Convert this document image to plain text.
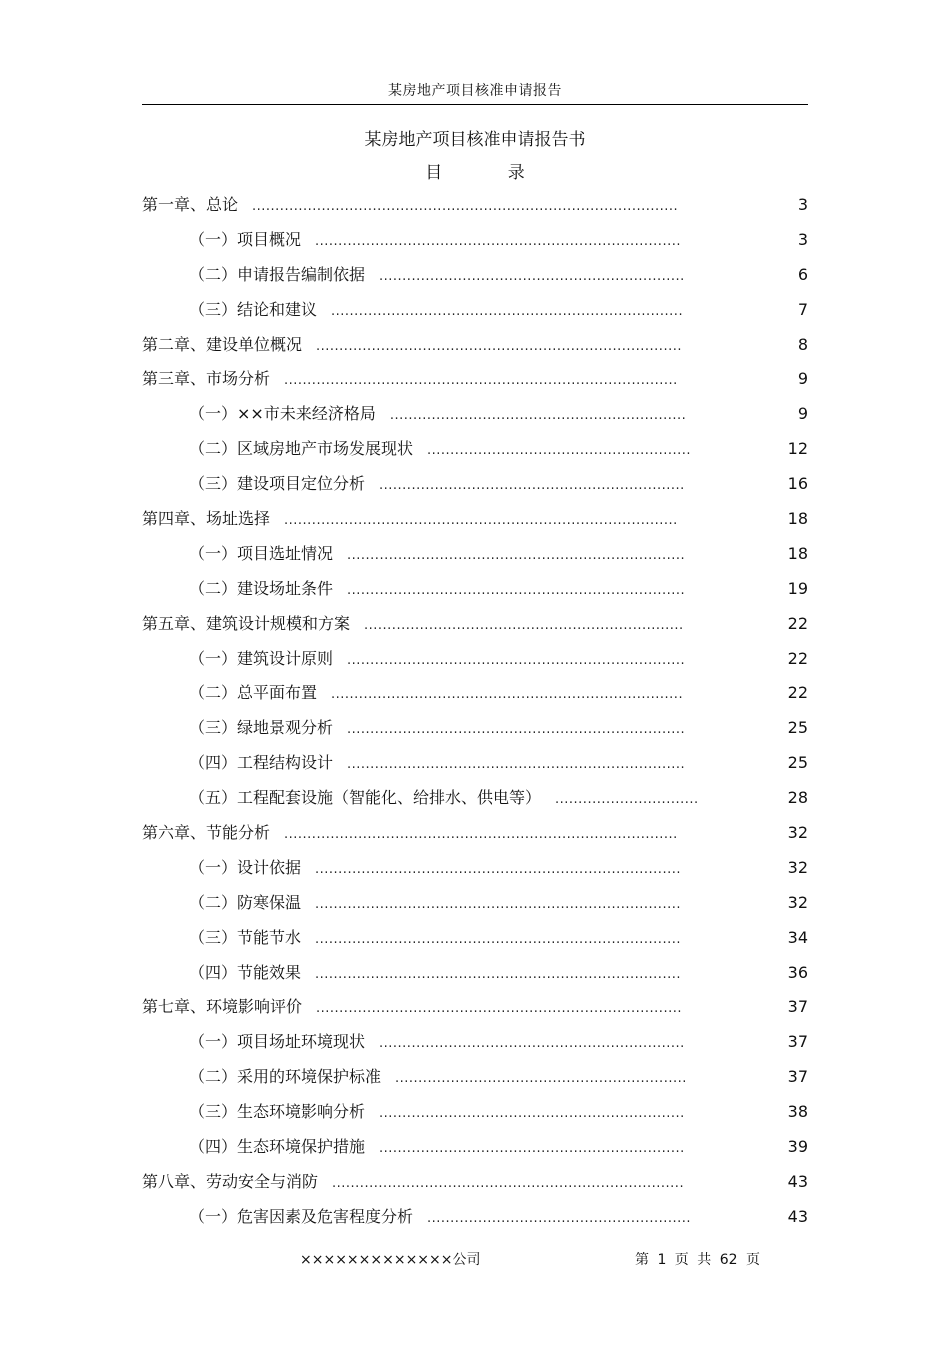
某房地产项目核准申请报告
某房地产项目核准申请报告书
目 录
第一章、总论 ............................................................................................	3
（一）项目概况 ...............................................................................	3
（二）申请报告编制依据 ..................................................................	6
（三）结论和建议 ............................................................................	7
第二章、建设单位概况 ...............................................................................	8
第三章、市场分析 .....................................................................................	9
（一）××市未来经济格局 ................................................................	9
（二）区域房地产市场发展现状 .........................................................	12
（三）建设项目定位分析 ..................................................................	16
第四章、场址选择 .....................................................................................	18
（一）项目选址情况 .........................................................................	18
（二）建设场址条件 .........................................................................	19
第五章、建筑设计规模和方案 .....................................................................	22
（一）建筑设计原则 .........................................................................	22
（二）总平面布置 ............................................................................	22
（三）绿地景观分析 .........................................................................	25
（四）工程结构设计 .........................................................................	25
（五）工程配套设施（智能化、给排水、供电等） ...............................	28
第六章、节能分析 .....................................................................................	32
（一）设计依据 ...............................................................................	32
（二）防寒保温 ...............................................................................	32
（三）节能节水 ...............................................................................	34
（四）节能效果 ...............................................................................	36
第七章、环境影响评价 ...............................................................................	37
（一）项目场址环境现状 ..................................................................	37
（二）采用的环境保护标准 ...............................................................	37
（三）生态环境影响分析 ..................................................................	38
（四）生态环境保护措施 ..................................................................	39
第八章、劳动安全与消防 ............................................................................	43
（一）危害因素及危害程度分析 .........................................................	43
×××××××××××××公司	第 1 页 共 62 页
